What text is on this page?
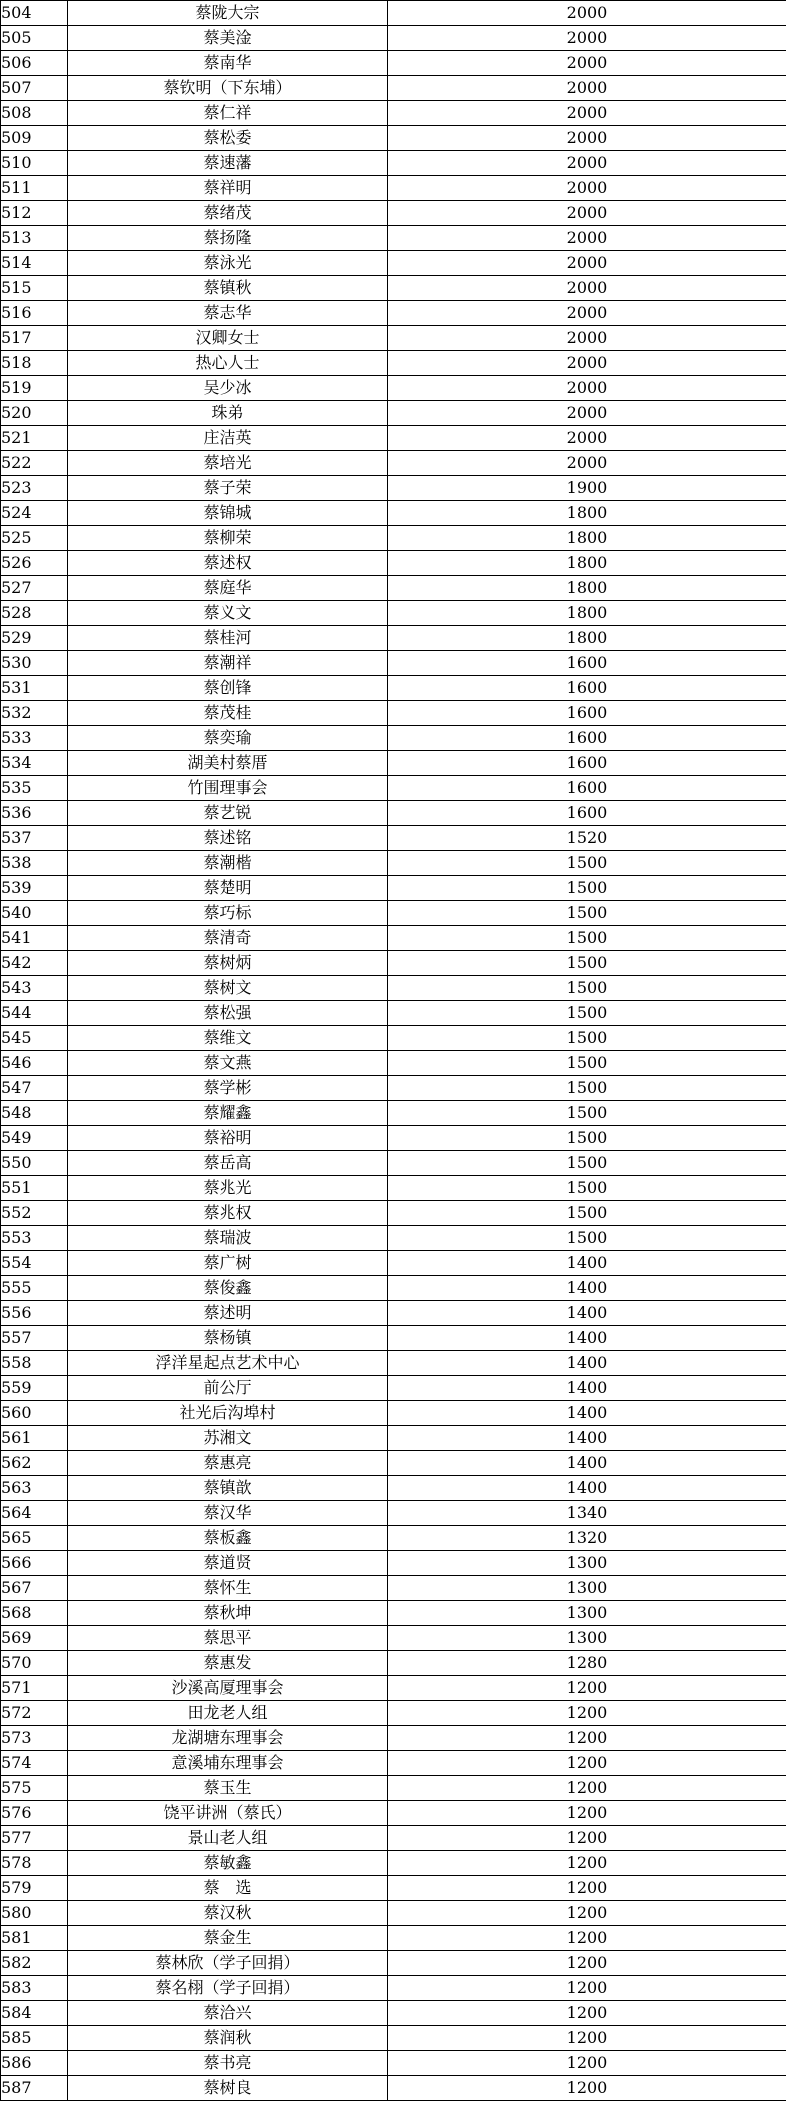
504	蔡陇大宗	2000
505	蔡美淦	2000
506	蔡南华	2000
507	蔡钦明（下东埔）	2000
508	蔡仁祥	2000
509	蔡松委	2000
510	蔡速藩	2000
511	蔡祥明	2000
512	蔡绪茂	2000
513	蔡扬隆	2000
514	蔡泳光	2000
515	蔡镇秋	2000
516	蔡志华	2000
517	汉卿女士	2000
518	热心人士	2000
519	吴少冰	2000
520	珠弟	2000
521	庄洁英	2000
522	蔡培光	2000
523	蔡子荣	1900
524	蔡锦城	1800
525	蔡柳荣	1800
526	蔡述权	1800
527	蔡庭华	1800
528	蔡义文	1800
529	蔡桂河	1800
530	蔡潮祥	1600
531	蔡创锋	1600
532	蔡茂桂	1600
533	蔡奕瑜	1600
534	湖美村蔡厝	1600
535	竹围理事会	1600
536	蔡艺锐	1600
537	蔡述铭	1520
538	蔡潮楷	1500
539	蔡楚明	1500
540	蔡巧标	1500
541	蔡清奇	1500
542	蔡树炳	1500
543	蔡树文	1500
544	蔡松强	1500
545	蔡维文	1500
546	蔡文燕	1500
547	蔡学彬	1500
548	蔡耀鑫	1500
549	蔡裕明	1500
550	蔡岳高	1500
551	蔡兆光	1500
552	蔡兆权	1500
553	蔡瑞波	1500
554	蔡广树	1400
555	蔡俊鑫	1400
556	蔡述明	1400
557	蔡杨镇	1400
558	浮洋星起点艺术中心	1400
559	前公厅	1400
560	社光后沟埠村	1400
561	苏湘文	1400
562	蔡惠亮	1400
563	蔡镇歆	1400
564	蔡汉华	1340
565	蔡板鑫	1320
566	蔡道贤	1300
567	蔡怀生	1300
568	蔡秋坤	1300
569	蔡思平	1300
570	蔡惠发	1280
571	沙溪高厦理事会	1200
572	田龙老人组	1200
573	龙湖塘东理事会	1200
574	意溪埔东理事会	1200
575	蔡玉生	1200
576	饶平讲洲（蔡氏）	1200
577	景山老人组	1200
578	蔡敏鑫	1200
579	蔡　选	1200
580	蔡汉秋	1200
581	蔡金生	1200
582	蔡林欣（学子回捐）	1200
583	蔡名栩（学子回捐）	1200
584	蔡洽兴	1200
585	蔡润秋	1200
586	蔡书亮	1200
587	蔡树良	1200
